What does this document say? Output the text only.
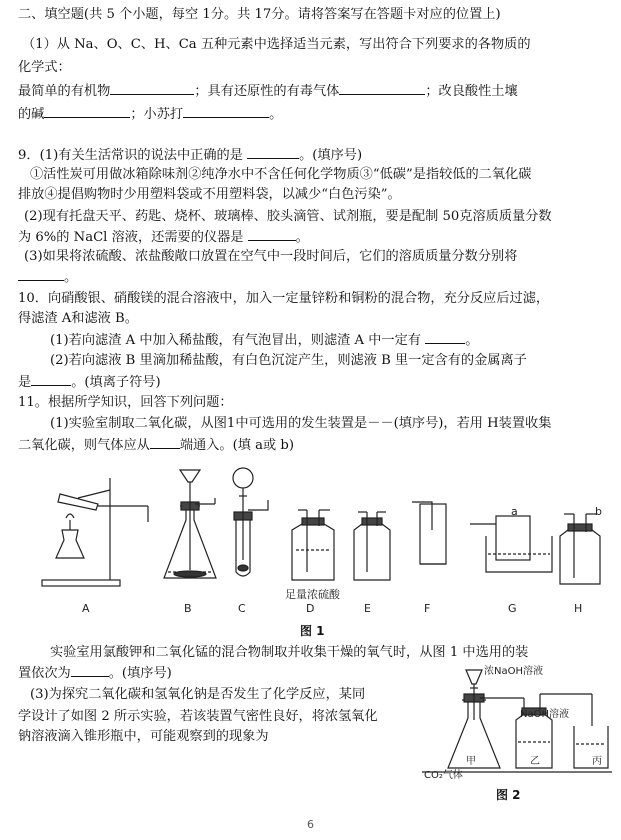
二、填空题(共 5 个小题，每空 1分。共 17分。请将答案写在答题卡对应的位置上)
（1）从 Na、O、C、H、Ca 五种元素中选择适当元素，写出符合下列要求的各物质的
化学式：
最简单的有机物	；具有还原性的有毒气体	；改良酸性土壤
的碱	；小苏打	。
9．(1)有关生活常识的说法中正确的是	。(填序号)
①活性炭可用做冰箱除味剂②纯净水中不含任何化学物质③“低碳”是指较低的二氧化碳
排放④提倡购物时少用塑料袋或不用塑料袋，以减少“白色污染”。
(2)现有托盘天平、药匙、烧杯、玻璃棒、胶头滴管、试剂瓶，要是配制 50克溶质质量分数
为 6%的 NaCl 溶液，还需要的仪器是	。
(3)如果将浓硫酸、浓盐酸敞口放置在空气中一段时间后，它们的溶质质量分数分别将
。
10．向硝酸银、硝酸镁的混合溶液中，加入一定量锌粉和铜粉的混合物，充分反应后过滤，
得滤渣 A和滤液 B。
(1)若向滤渣 A 中加入稀盐酸，有气泡冒出，则滤渣 A 中一定有	。
(2)若向滤液 B 里滴加稀盐酸，有白色沉淀产生，则滤液 B 里一定含有的金属离子
是	。(填离子符号)
11。根据所学知识，回答下列问题：
(1)实验室制取二氧化碳，从图1中可选用的发生装置是－－(填序号)，若用 H装置收集
二氧化碳，则气体应从 端通入。(填 a或 b)
a	b
足量浓硫酸
A	B	C	D	E	F	G	H
图 1
实验室用氯酸钾和二氧化锰的混合物制取并收集干燥的氧气时，从图 1 中选用的装
置依次为	。(填序号)
(3)为探究二氧化碳和氢氧化钠是否发生了化学反应，某同
学设计了如图 2 所示实验，若该装置气密性良好，将浓氢氧化
钠溶液滴入锥形瓶中，可能观察到的现象为
浓NaOH溶液
NaOH溶液
CO₂气体
甲	乙	丙
图 2
6
